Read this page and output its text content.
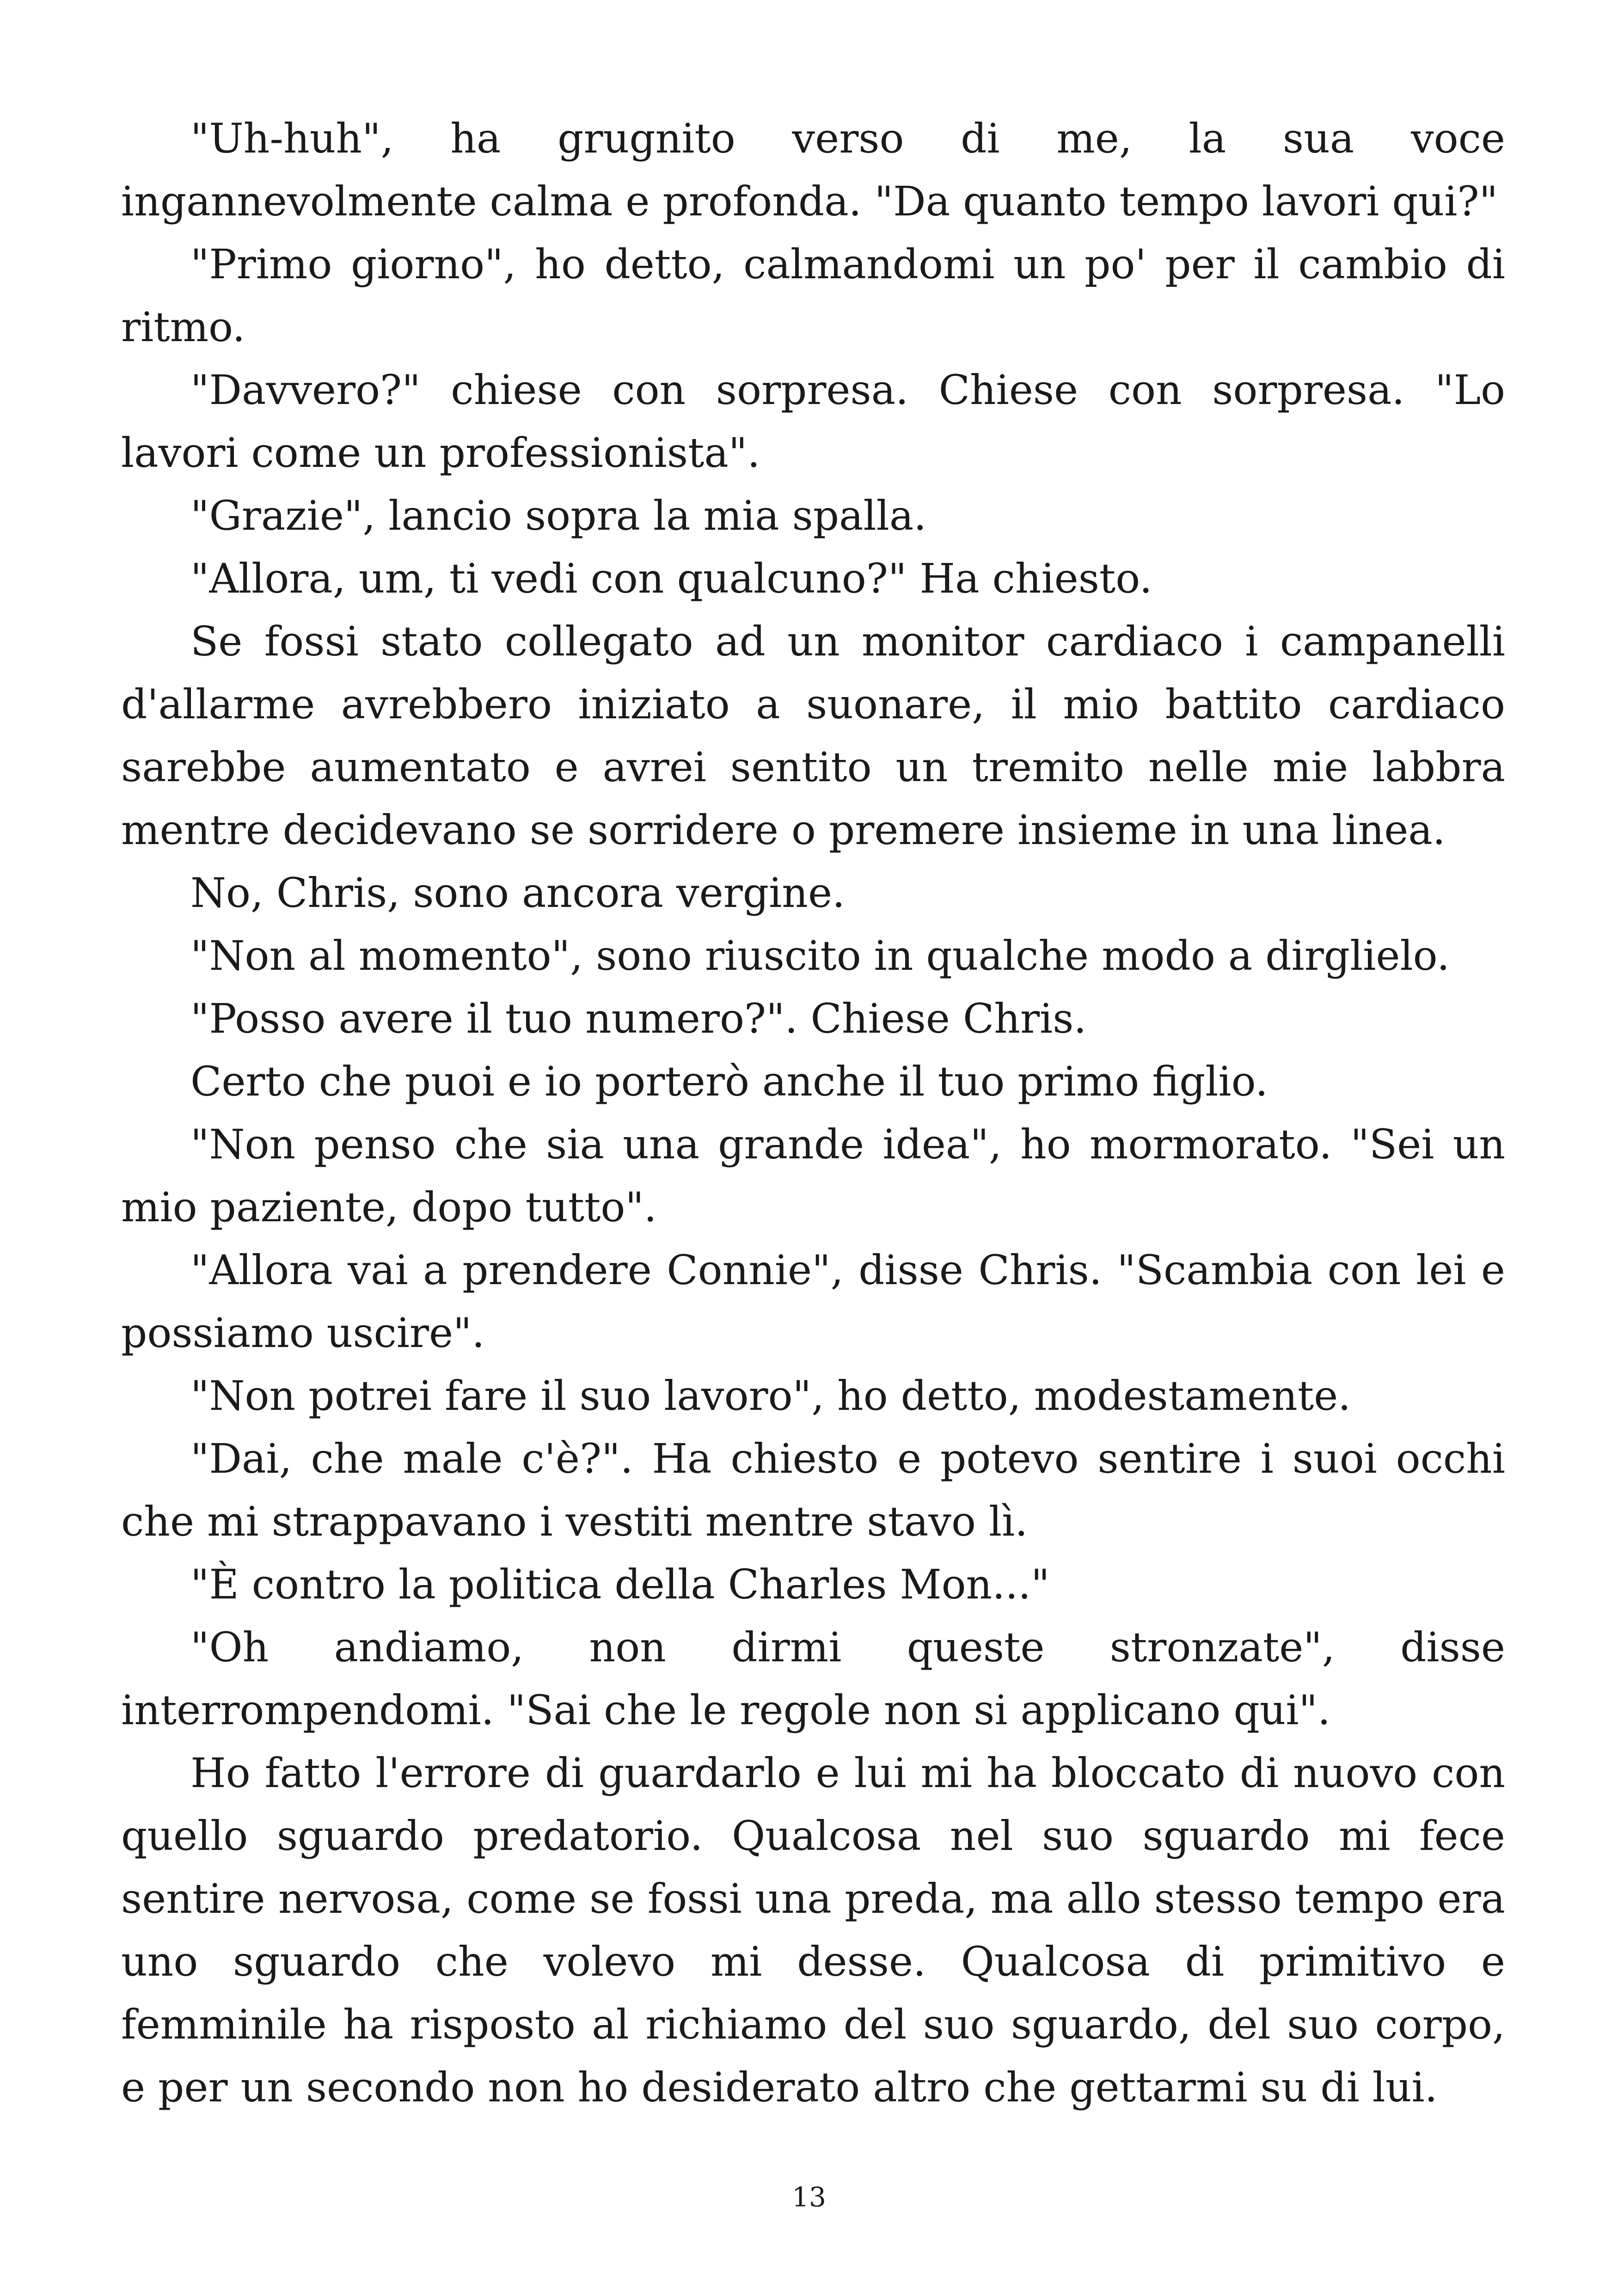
"Uh-huh", ha grugnito verso di me, la sua voce ingannevolmente calma e profonda. "Da quanto tempo lavori qui?"

"Primo giorno", ho detto, calmandomi un po' per il cambio di ritmo.

"Davvero?" chiese con sorpresa. Chiese con sorpresa. "Lo lavori come un professionista".

"Grazie", lancio sopra la mia spalla.

"Allora, um, ti vedi con qualcuno?" Ha chiesto.

Se fossi stato collegato ad un monitor cardiaco i campanelli d'allarme avrebbero iniziato a suonare, il mio battito cardiaco sarebbe aumentato e avrei sentito un tremito nelle mie labbra mentre decidevano se sorridere o premere insieme in una linea.

No, Chris, sono ancora vergine.

"Non al momento", sono riuscito in qualche modo a dirglielo.

"Posso avere il tuo numero?". Chiese Chris.

Certo che puoi e io porterò anche il tuo primo figlio.

"Non penso che sia una grande idea", ho mormorato. "Sei un mio paziente, dopo tutto".

"Allora vai a prendere Connie", disse Chris. "Scambia con lei e possiamo uscire".

"Non potrei fare il suo lavoro", ho detto, modestamente.

"Dai, che male c'è?". Ha chiesto e potevo sentire i suoi occhi che mi strappavano i vestiti mentre stavo lì.

"È contro la politica della Charles Mon..."

"Oh andiamo, non dirmi queste stronzate", disse interrompendomi. "Sai che le regole non si applicano qui".

Ho fatto l'errore di guardarlo e lui mi ha bloccato di nuovo con quello sguardo predatorio. Qualcosa nel suo sguardo mi fece sentire nervosa, come se fossi una preda, ma allo stesso tempo era uno sguardo che volevo mi desse. Qualcosa di primitivo e femminile ha risposto al richiamo del suo sguardo, del suo corpo, e per un secondo non ho desiderato altro che gettarmi su di lui.

13
